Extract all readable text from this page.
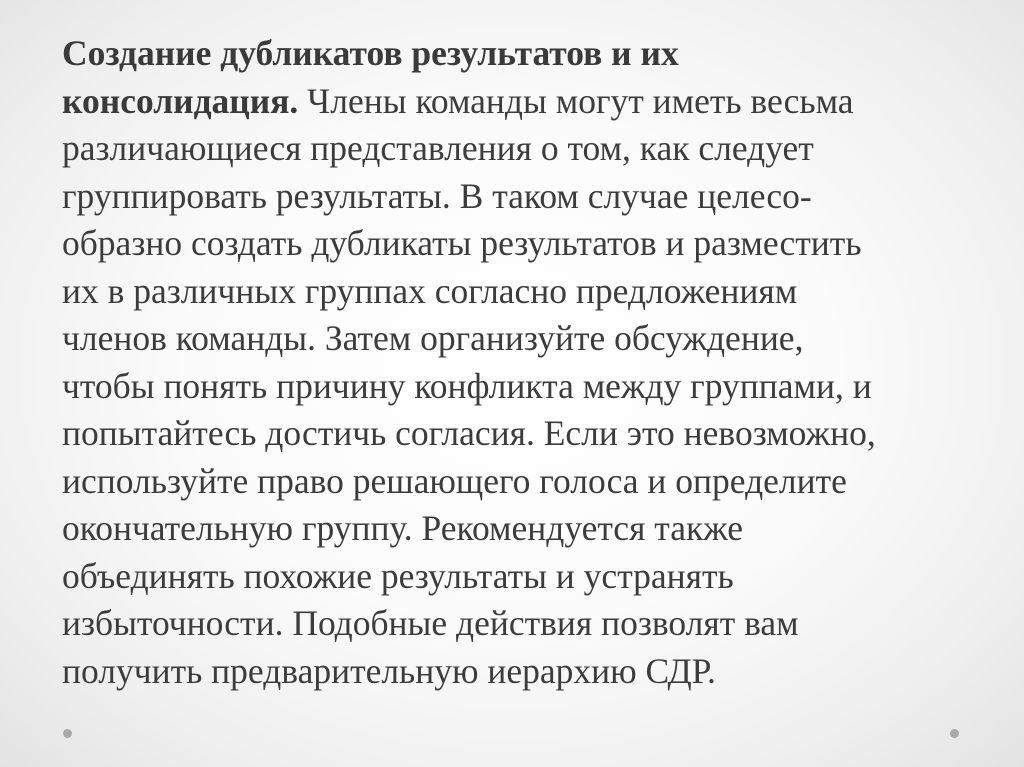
Создание дубликатов результатов и их
консолидация. Члены команды могут иметь весьма
различающиеся представления о том, как следует
группировать результаты. В таком случае целесо-
образно создать дубликаты результатов и разместить
их в различных группах согласно предложениям
членов команды. Затем организуйте обсуждение,
чтобы понять причину конфликта между группами, и
попытайтесь достичь согласия. Если это невозможно,
используйте право решающего голоса и определите
окончательную группу. Рекомендуется также
объединять похожие результаты и устранять
избыточности. Подобные действия позволят вам
получить предварительную иерархию СДР.
